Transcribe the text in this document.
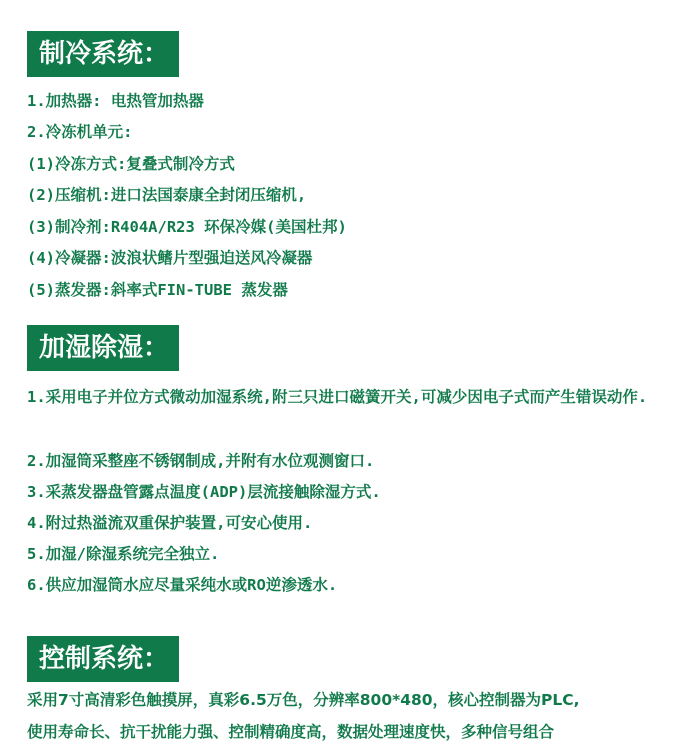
制冷系统：
1.加热器: 电热管加热器
2.冷冻机单元:
(1)冷冻方式:复叠式制冷方式
(2)压缩机:进口法国泰康全封闭压缩机,
(3)制冷剂:R404A/R23 环保冷媒(美国杜邦)
(4)冷凝器:波浪状鳍片型强迫送风冷凝器
(5)蒸发器:斜率式FIN-TUBE 蒸发器
加湿除湿：
1.采用电子并位方式微动加湿系统,附三只进口磁簧开关,可减少因电子式而产生错误动作.
2.加湿筒采整座不锈钢制成,并附有水位观测窗口.
3.采蒸发器盘管露点温度(ADP)层流接触除湿方式.
4.附过热溢流双重保护装置,可安心使用.
5.加湿/除湿系统完全独立.
6.供应加湿筒水应尽量采纯水或RO逆渗透水.
控制系统：
采用7寸高清彩色触摸屏，真彩6.5万色，分辨率800*480，核心控制器为PLC,
使用寿命长、抗干扰能力强、控制精确度高，数据处理速度快，多种信号组合
